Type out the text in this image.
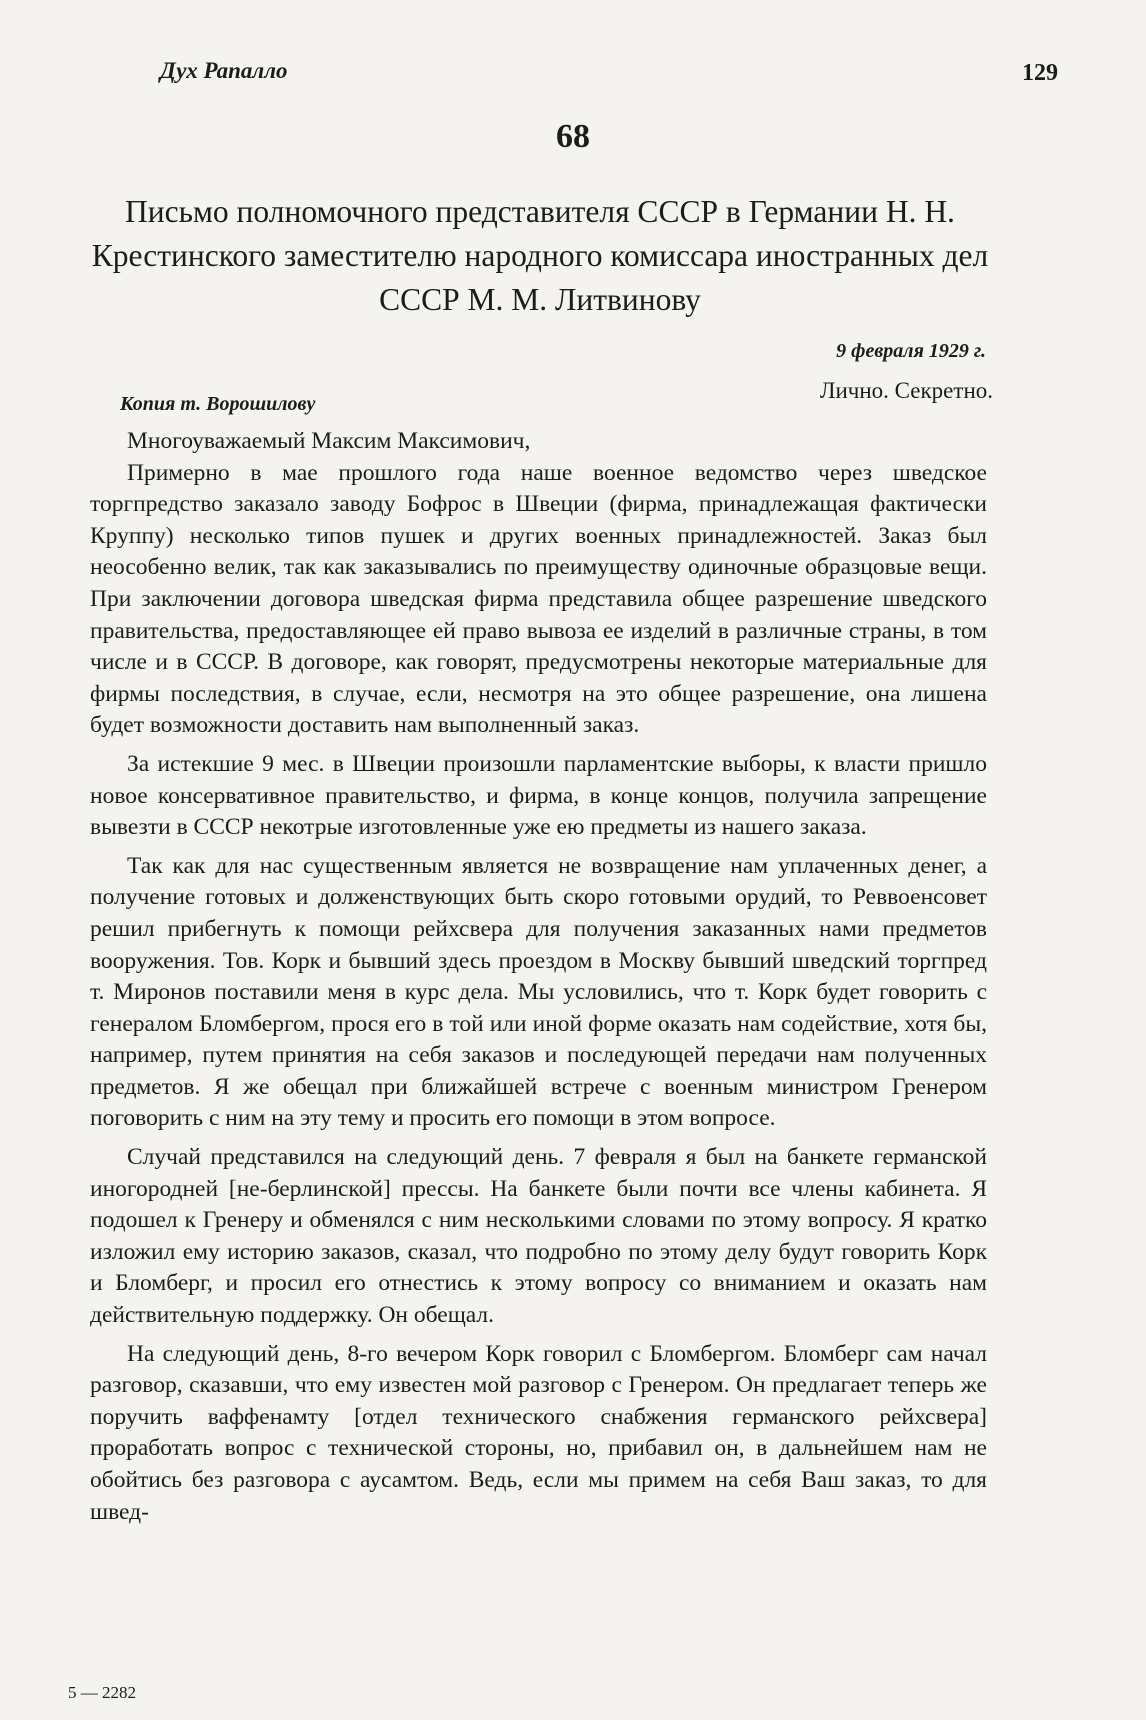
Дух Рапалло	129
68
Письмо полномочного представителя СССР в Германии Н. Н. Крестинского заместителю народного комиссара иностранных дел СССР М. М. Литвинову
9 февраля 1929 г.
Лично. Секретно.
Копия т. Ворошилову

Многоуважаемый Максим Максимович,

Примерно в мае прошлого года наше военное ведомство через шведское торгпредство заказало заводу Бофрос в Швеции (фирма, принадлежащая фактически Круппу) несколько типов пушек и других военных принадлежностей. Заказ был неособенно велик, так как заказывались по преимуществу одиночные образцовые вещи. При заключении договора шведская фирма представила общее разрешение шведского правительства, предоставляющее ей право вывоза ее изделий в различные страны, в том числе и в СССР. В договоре, как говорят, предусмотрены некоторые материальные для фирмы последствия, в случае, если, несмотря на это общее разрешение, она лишена будет возможности доставить нам выполненный заказ.

За истекшие 9 мес. в Швеции произошли парламентские выборы, к власти пришло новое консервативное правительство, и фирма, в конце концов, получила запрещение вывезти в СССР некотрые изготовленные уже ею предметы из нашего заказа.

Так как для нас существенным является не возвращение нам уплаченных денег, а получение готовых и долженствующих быть скоро готовыми орудий, то Реввоенсовет решил прибегнуть к помощи рейхсвера для получения заказанных нами предметов вооружения. Тов. Корк и бывший здесь проездом в Москву бывший шведский торгпред т. Миронов поставили меня в курс дела. Мы условились, что т. Корк будет говорить с генералом Бломбергом, прося его в той или иной форме оказать нам содействие, хотя бы, например, путем принятия на себя заказов и последующей передачи нам полученных предметов. Я же обещал при ближайшей встрече с военным министром Гренером поговорить с ним на эту тему и просить его помощи в этом вопросе.

Случай представился на следующий день. 7 февраля я был на банкете германской иногородней [не-берлинской] прессы. На банкете были почти все члены кабинета. Я подошел к Гренеру и обменялся с ним несколькими словами по этому вопросу. Я кратко изложил ему историю заказов, сказал, что подробно по этому делу будут говорить Корк и Бломберг, и просил его отнестись к этому вопросу со вниманием и оказать нам действительную поддержку. Он обещал.

На следующий день, 8-го вечером Корк говорил с Бломбергом. Бломберг сам начал разговор, сказавши, что ему известен мой разговор с Гренером. Он предлагает теперь же поручить ваффенамту [отдел технического снабжения германского рейхсвера] проработать вопрос с технической стороны, но, прибавил он, в дальнейшем нам не обойтись без разговора с аусамтом. Ведь, если мы примем на себя Ваш заказ, то для швед-

5 — 2282
